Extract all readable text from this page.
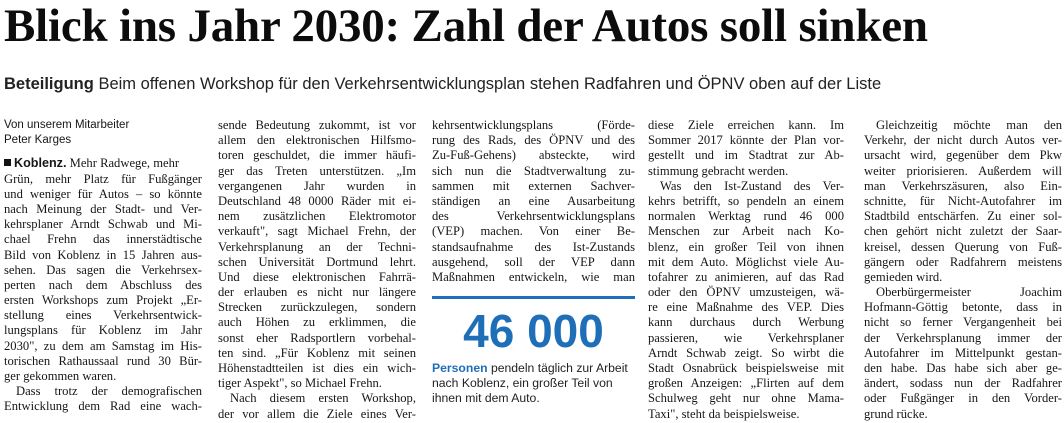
Blick ins Jahr 2030: Zahl der Autos soll sinken
Beteiligung Beim offenen Workshop für den Verkehrsentwicklungsplan stehen Radfahren und ÖPNV oben auf der Liste
Von unserem Mitarbeiter
Peter Karges
Koblenz. Mehr Radwege, mehr
Grün, mehr Platz für Fußgänger
und weniger für Autos – so könnte
nach Meinung der Stadt- und Ver-
kehrsplaner Arndt Schwab und Mi-
chael Frehn das innerstädtische
Bild von Koblenz in 15 Jahren aus-
sehen. Das sagen die Verkehrsex-
perten nach dem Abschluss des
ersten Workshops zum Projekt „Er-
stellung eines Verkehrsentwick-
lungsplans für Koblenz im Jahr
2030", zu dem am Samstag im His-
torischen Rathaussaal rund 30 Bür-
ger gekommen waren.
Dass trotz der demografischen
Entwicklung dem Rad eine wach-
sende Bedeutung zukommt, ist vor
allem den elektronischen Hilfsmo-
toren geschuldet, die immer häufi-
ger das Treten unterstützen. „Im
vergangenen Jahr wurden in
Deutschland 48 0000 Räder mit ei-
nem zusätzlichen Elektromotor
verkauft", sagt Michael Frehn, der
Verkehrsplanung an der Techni-
schen Universität Dortmund lehrt.
Und diese elektronischen Fahrrä-
der erlauben es nicht nur längere
Strecken zurückzulegen, sondern
auch Höhen zu erklimmen, die
sonst eher Radsportlern vorbehal-
ten sind. „Für Koblenz mit seinen
Höhenstadtteilen ist dies ein wich-
tiger Aspekt", so Michael Frehn.
Nach diesem ersten Workshop,
der vor allem die Ziele eines Ver-
kehrsentwicklungsplans (Förde-
rung des Rads, des ÖPNV und des
Zu-Fuß-Gehens) absteckte, wird
sich nun die Stadtverwaltung zu-
sammen mit externen Sachver-
ständigen an eine Ausarbeitung
des Verkehrsentwicklungsplans
(VEP) machen. Von einer Be-
standsaufnahme des Ist-Zustands
ausgehend, soll der VEP dann
Maßnahmen entwickeln, wie man
46 000
Personen pendeln täglich zur Arbeit
nach Koblenz, ein großer Teil von
ihnen mit dem Auto.
diese Ziele erreichen kann. Im
Sommer 2017 könnte der Plan vor-
gestellt und im Stadtrat zur Ab-
stimmung gebracht werden.
Was den Ist-Zustand des Ver-
kehrs betrifft, so pendeln an einem
normalen Werktag rund 46 000
Menschen zur Arbeit nach Ko-
blenz, ein großer Teil von ihnen
mit dem Auto. Möglichst viele Au-
tofahrer zu animieren, auf das Rad
oder den ÖPNV umzusteigen, wä-
re eine Maßnahme des VEP. Dies
kann durchaus durch Werbung
passieren, wie Verkehrsplaner
Arndt Schwab zeigt. So wirbt die
Stadt Osnabrück beispielsweise mit
großen Anzeigen: „Flirten auf dem
Schulweg geht nur ohne Mama-
Taxi", steht da beispielsweise.
Gleichzeitig möchte man den
Verkehr, der nicht durch Autos ver-
ursacht wird, gegenüber dem Pkw
weiter priorisieren. Außerdem will
man Verkehrszäsuren, also Ein-
schnitte, für Nicht-Autofahrer im
Stadtbild entschärfen. Zu einer sol-
chen gehört nicht zuletzt der Saar-
kreisel, dessen Querung von Fuß-
gängern oder Radfahrern meistens
gemieden wird.
Oberbürgermeister Joachim
Hofmann-Göttig betonte, dass in
nicht so ferner Vergangenheit bei
der Verkehrsplanung immer der
Autofahrer im Mittelpunkt gestan-
den habe. Das habe sich aber ge-
ändert, sodass nun der Radfahrer
oder Fußgänger in den Vorder-
grund rücke.
